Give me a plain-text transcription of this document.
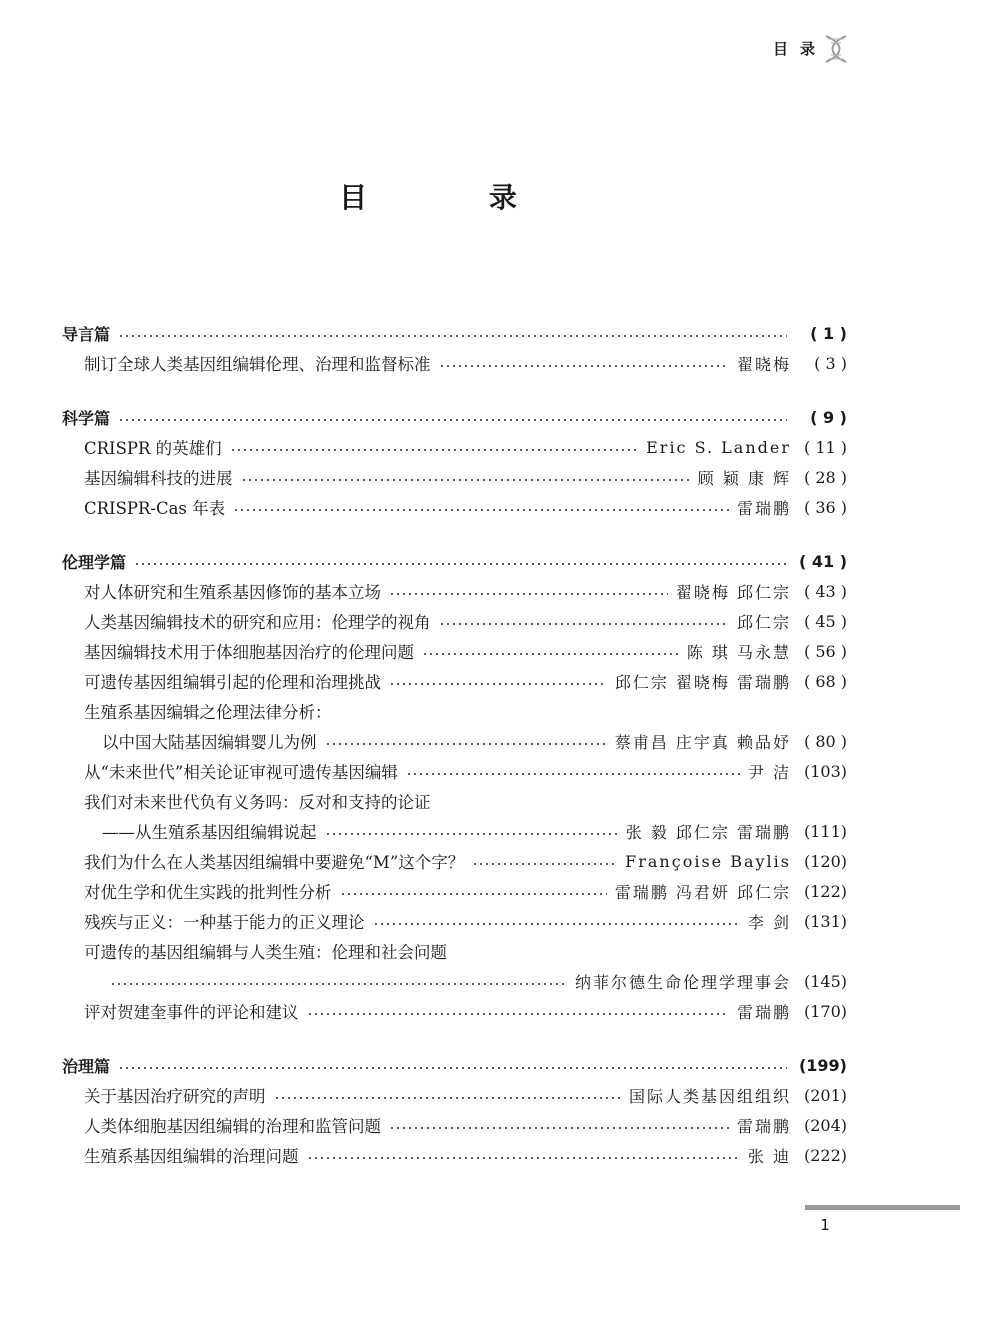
目录
目 录
导言篇	( 1 )
制订全球人类基因组编辑伦理、治理和监督标准	翟晓梅	( 3 )
科学篇	( 9 )
CRISPR 的英雄们	Eric S. Lander ( 11 )
基因编辑科技的进展	顾 颖 康 辉 ( 28 )
CRISPR-Cas 年表	雷瑞鹏 ( 36 )
伦理学篇	( 41 )
对人体研究和生殖系基因修饰的基本立场	翟晓梅 邱仁宗 ( 43 )
人类基因编辑技术的研究和应用：伦理学的视角	邱仁宗 ( 45 )
基因编辑技术用于体细胞基因治疗的伦理问题	陈 琪 马永慧 ( 56 )
可遗传基因组编辑引起的伦理和治理挑战	邱仁宗 翟晓梅 雷瑞鹏 ( 68 )
生殖系基因编辑之伦理法律分析：
以中国大陆基因编辑婴儿为例	蔡甫昌 庄宇真 赖品妤 ( 80 )
从“未来世代”相关论证审视可遗传基因编辑	尹 洁 (103)
我们对未来世代负有义务吗：反对和支持的论证
——从生殖系基因组编辑说起	张 毅 邱仁宗 雷瑞鹏 (111)
我们为什么在人类基因组编辑中要避免“M”这个字？	Françoise Baylis (120)
对优生学和优生实践的批判性分析	雷瑞鹏 冯君妍 邱仁宗 (122)
残疾与正义：一种基于能力的正义理论	李 剑 (131)
可遗传的基因组编辑与人类生殖：伦理和社会问题
纳菲尔德生命伦理学理事会 (145)
评对贺建奎事件的评论和建议	雷瑞鹏 (170)
治理篇	(199)
关于基因治疗研究的声明	国际人类基因组组织 (201)
人类体细胞基因组编辑的治理和监管问题	雷瑞鹏 (204)
生殖系基因组编辑的治理问题	张 迪 (222)
1
